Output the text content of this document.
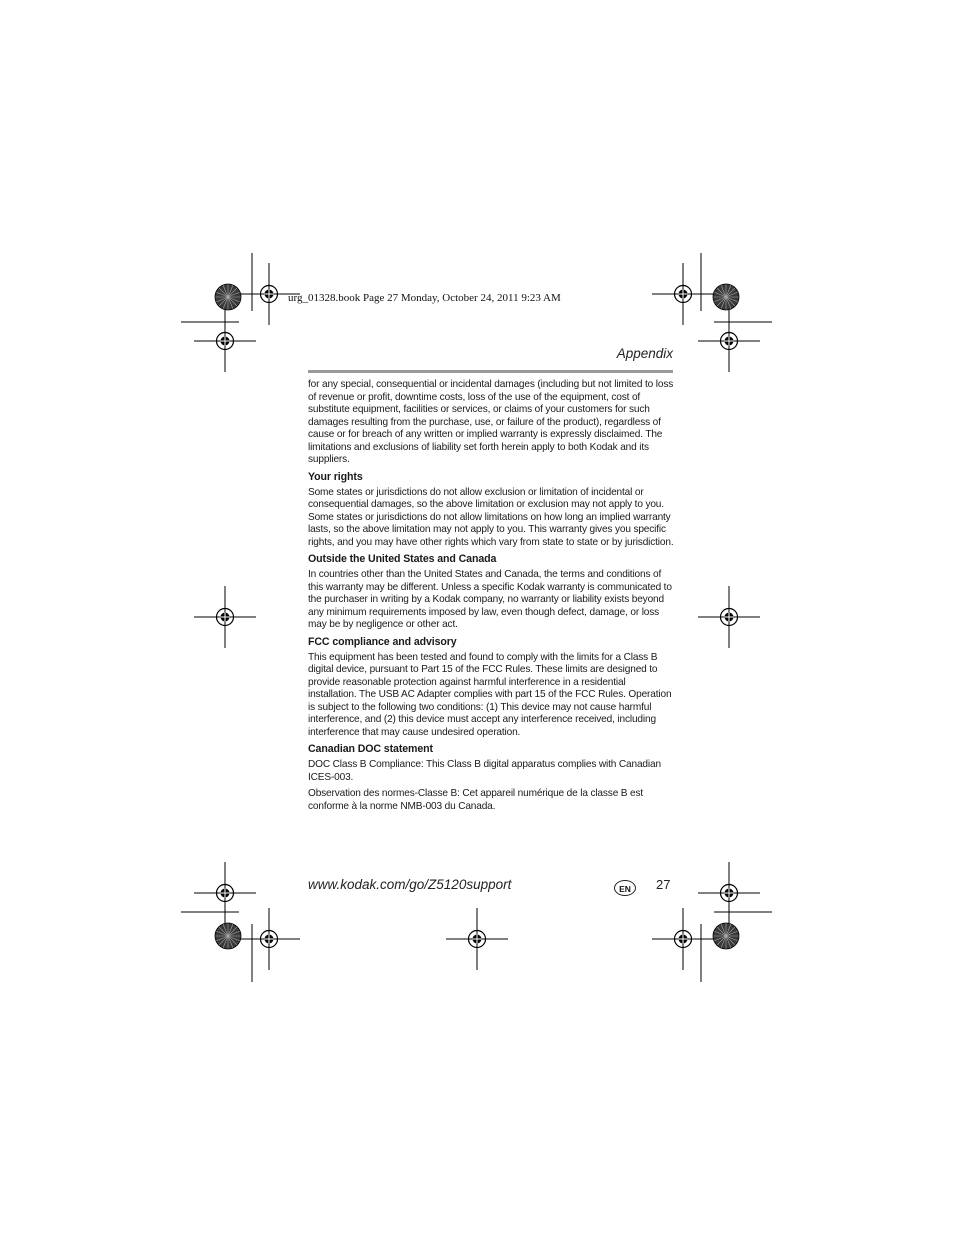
urg_01328.book Page 27 Monday, October 24, 2011 9:23 AM
Appendix

for any special, consequential or incidental damages (including but not limited to loss of revenue or profit, downtime costs, loss of the use of the equipment, cost of substitute equipment, facilities or services, or claims of your customers for such damages resulting from the purchase, use, or failure of the product), regardless of cause or for breach of any written or implied warranty is expressly disclaimed. The limitations and exclusions of liability set forth herein apply to both Kodak and its suppliers.

Your rights

Some states or jurisdictions do not allow exclusion or limitation of incidental or consequential damages, so the above limitation or exclusion may not apply to you. Some states or jurisdictions do not allow limitations on how long an implied warranty lasts, so the above limitation may not apply to you. This warranty gives you specific rights, and you may have other rights which vary from state to state or by jurisdiction.

Outside the United States and Canada

In countries other than the United States and Canada, the terms and conditions of this warranty may be different. Unless a specific Kodak warranty is communicated to the purchaser in writing by a Kodak company, no warranty or liability exists beyond any minimum requirements imposed by law, even though defect, damage, or loss may be by negligence or other act.

FCC compliance and advisory

This equipment has been tested and found to comply with the limits for a Class B digital device, pursuant to Part 15 of the FCC Rules. These limits are designed to provide reasonable protection against harmful interference in a residential installation. The USB AC Adapter complies with part 15 of the FCC Rules. Operation is subject to the following two conditions: (1) This device may not cause harmful interference, and (2) this device must accept any interference received, including interference that may cause undesired operation.

Canadian DOC statement

DOC Class B Compliance: This Class B digital apparatus complies with Canadian ICES-003.

Observation des normes-Classe B: Cet appareil numérique de la classe B est conforme à la norme NMB-003 du Canada.

www.kodak.com/go/Z5120support	EN	27
